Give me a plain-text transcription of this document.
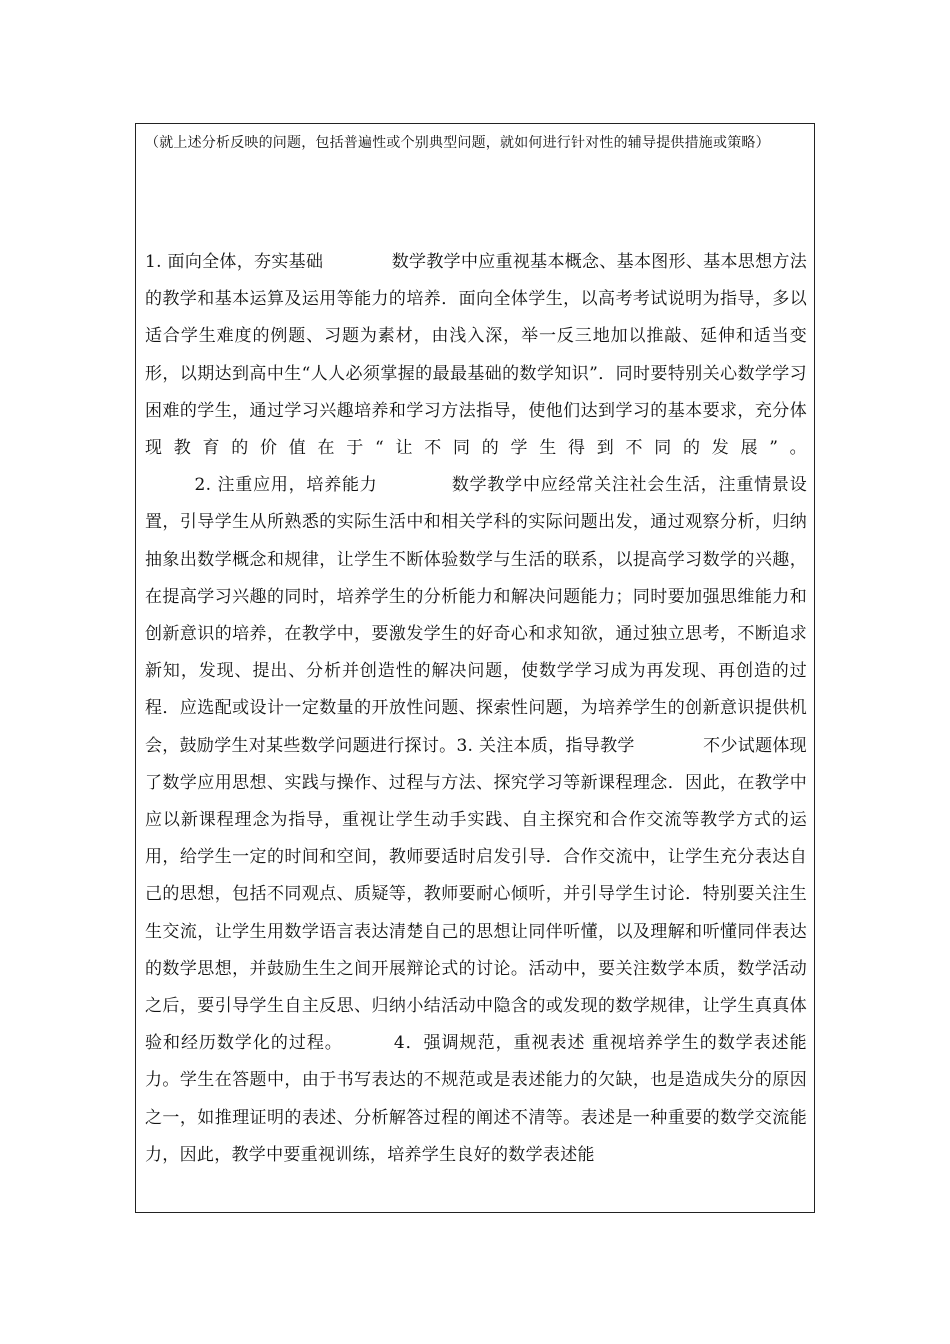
（就上述分析反映的问题，包括普遍性或个别典型问题，就如何进行针对性的辅导提供措施或策略）

1. 面向全体，夯实基础	数学教学中应重视基本概念、基本图形、基本思想方法的教学和基本运算及运用等能力的培养．面向全体学生，以高考考试说明为指导，多以适合学生难度的例题、习题为素材，由浅入深，举一反三地加以推敲、延伸和适当变形，以期达到高中生“人人必须掌握的最最基础的数学知识”．同时要特别关心数学学习困难的学生，通过学习兴趣培养和学习方法指导，使他们达到学习的基本要求，充分体现教育的价值在于“让不同的学生得到不同的发展”。        2. 注重应用，培养能力	数学教学中应经常关注社会生活，注重情景设置，引导学生从所熟悉的实际生活中和相关学科的实际问题出发，通过观察分析，归纳抽象出数学概念和规律，让学生不断体验数学与生活的联系，以提高学习数学的兴趣，在提高学习兴趣的同时，培养学生的分析能力和解决问题能力；同时要加强思维能力和创新意识的培养，在教学中，要激发学生的好奇心和求知欲，通过独立思考，不断追求新知，发现、提出、分析并创造性的解决问题，使数学学习成为再发现、再创造的过程．应选配或设计一定数量的开放性问题、探索性问题，为培养学生的创新意识提供机会，鼓励学生对某些数学问题进行探讨。3. 关注本质，指导教学	不少试题体现了数学应用思想、实践与操作、过程与方法、探究学习等新课程理念．因此，在教学中应以新课程理念为指导，重视让学生动手实践、自主探究和合作交流等教学方式的运用，给学生一定的时间和空间，教师要适时启发引导．合作交流中，让学生充分表达自己的思想，包括不同观点、质疑等，教师要耐心倾听，并引导学生讨论．特别要关注生生交流，让学生用数学语言表达清楚自己的思想让同伴听懂，以及理解和听懂同伴表达的数学思想，并鼓励生生之间开展辩论式的讨论。活动中，要关注数学本质，数学活动之后，要引导学生自主反思、归纳小结活动中隐含的或发现的数学规律，让学生真真体验和经历数学化的过程。	4．强调规范，重视表述 重视培养学生的数学表述能力。学生在答题中，由于书写表达的不规范或是表述能力的欠缺，也是造成失分的原因之一，如推理证明的表述、分析解答过程的阐述不清等。表述是一种重要的数学交流能力，因此，教学中要重视训练，培养学生良好的数学表述能
